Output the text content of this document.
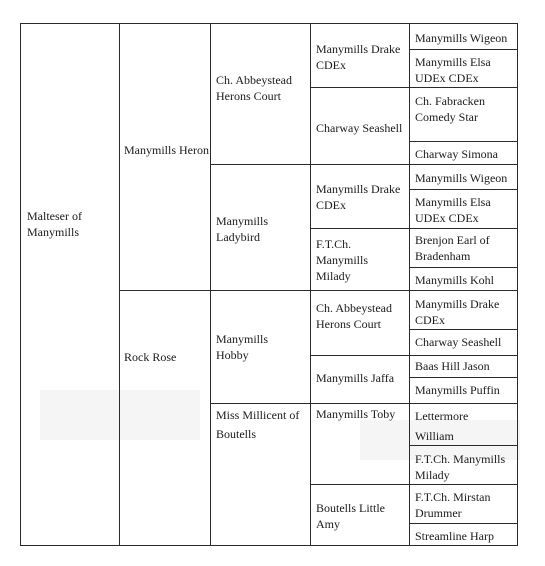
Malteser of Manymills
Manymills Heron
Rock Rose
Ch. Abbeystead Herons Court
Manymills Ladybird
Manymills Hobby
Miss Millicent of Boutells
Manymills Drake CDEx
Charway Seashell
Manymills Drake CDEx
F.T.Ch. Manymills Milady
Ch. Abbeystead Herons Court
Manymills Jaffa
Manymills Toby
Boutells Little Amy
Manymills Wigeon
Manymills Elsa UDEx CDEx
Ch. Fabracken Comedy Star
Charway Simona
Manymills Wigeon
Manymills Elsa UDEx CDEx
Brenjon Earl of Bradenham
Manymills Kohl
Manymills Drake CDEx
Charway Seashell
Baas Hill Jason
Manymills Puffin
Lettermore William
F.T.Ch. Manymills Milady
F.T.Ch. Mirstan Drummer
Streamline Harp
